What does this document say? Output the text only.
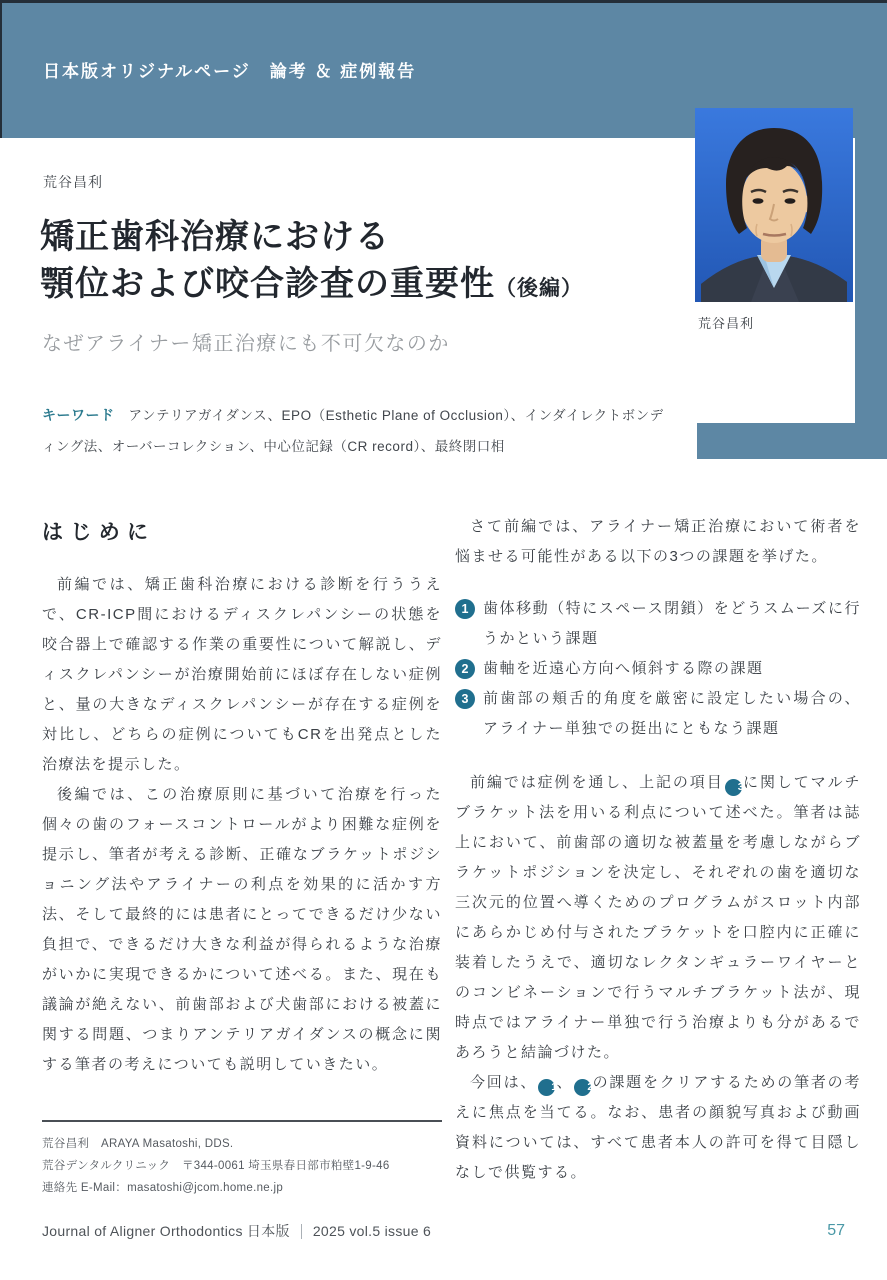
日本版オリジナルページ　論考 ＆ 症例報告
荒谷昌利
荒谷昌利
矯正歯科治療における
顎位および咬合診査の重要性（後編）
なぜアライナー矯正治療にも不可欠なのか
キーワード アンテリアガイダンス、EPO（Esthetic Plane of Occlusion）、インダイレクトボンディング法、オーバーコレクション、中心位記録（CR record）、最終閉口相
はじめに

前編では、矯正歯科治療における診断を行ううえで、CR-ICP間におけるディスクレパンシーの状態を咬合器上で確認する作業の重要性について解説し、ディスクレパンシーが治療開始前にほぼ存在しない症例と、量の大きなディスクレパンシーが存在する症例を対比し、どちらの症例についてもCRを出発点とした治療法を提示した。

後編では、この治療原則に基づいて治療を行った個々の歯のフォースコントロールがより困難な症例を提示し、筆者が考える診断、正確なブラケットポジショニング法やアライナーの利点を効果的に活かす方法、そして最終的には患者にとってできるだけ少ない負担で、できるだけ大きな利益が得られるような治療がいかに実現できるかについて述べる。また、現在も議論が絶えない、前歯部および犬歯部における被蓋に関する問題、つまりアンテリアガイダンスの概念に関する筆者の考えについても説明していきたい。

さて前編では、アライナー矯正治療において術者を悩ませる可能性がある以下の3つの課題を挙げた。

1 歯体移動（特にスペース閉鎖）をどうスムーズに行うかという課題
2 歯軸を近遠心方向へ傾斜する際の課題
3 前歯部の頬舌的角度を厳密に設定したい場合の、アライナー単独での挺出にともなう課題

前編では症例を通し、上記の項目 3に関してマルチブラケット法を用いる利点について述べた。筆者は誌上において、前歯部の適切な被蓋量を考慮しながらブラケットポジションを決定し、それぞれの歯を適切な三次元的位置へ導くためのプログラムがスロット内部にあらかじめ付与されたブラケットを口腔内に正確に装着したうえで、適切なレクタンギュラーワイヤーとのコンビネーションで行うマルチブラケット法が、現時点ではアライナー単独で行う治療よりも分があるであろうと結論づけた。

今回は、 1、 2の課題をクリアするための筆者の考えに焦点を当てる。なお、患者の顔貌写真および動画資料については、すべて患者本人の許可を得て目隠しなしで供覧する。

荒谷昌利　ARAYA Masatoshi, DDS.

荒谷デンタルクリニック　〒344-0061 埼玉県春日部市粕壁1-9-46

連絡先 E-Mail：masatoshi@jcom.home.ne.jp

Journal of Aligner Orthodontics 日本版 2025 vol.5 issue 6	57
